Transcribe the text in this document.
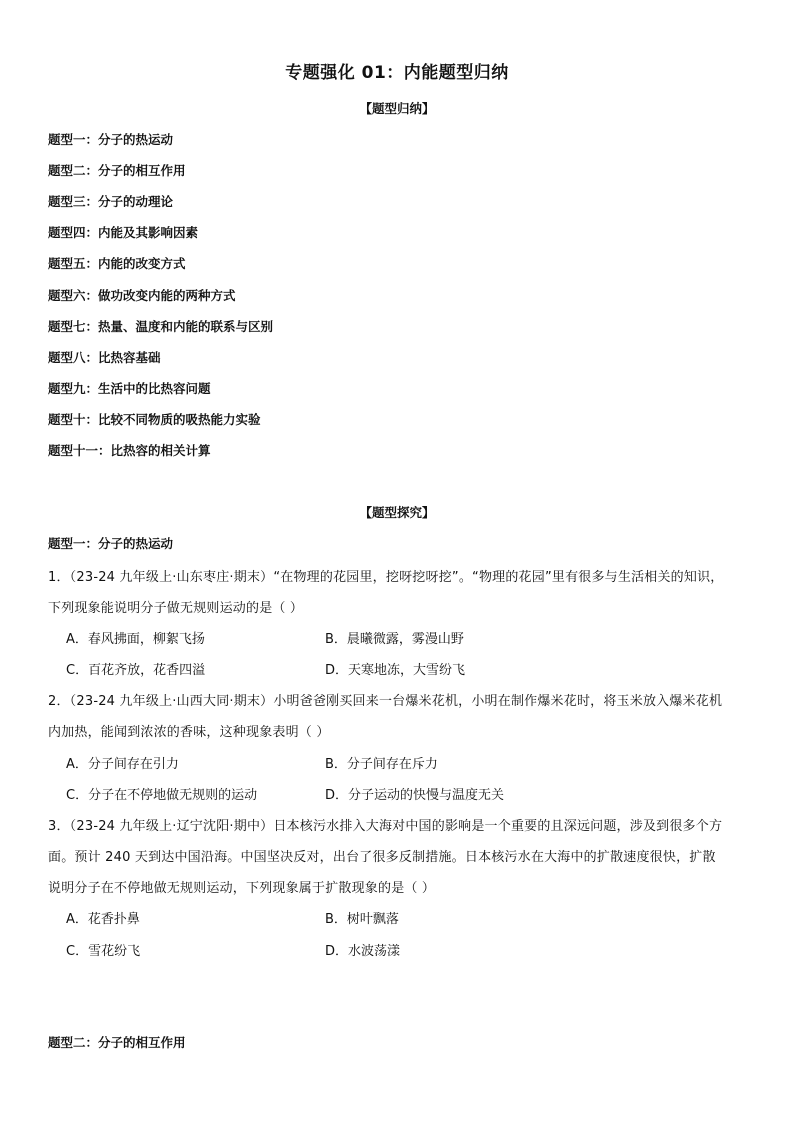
专题强化 01：内能题型归纳
【题型归纳】
题型一：分子的热运动
题型二：分子的相互作用
题型三：分子的动理论
题型四：内能及其影响因素
题型五：内能的改变方式
题型六：做功改变内能的两种方式
题型七：热量、温度和内能的联系与区别
题型八：比热容基础
题型九：生活中的比热容问题
题型十：比较不同物质的吸热能力实验
题型十一：比热容的相关计算
【题型探究】
题型一：分子的热运动
1．（23-24 九年级上·山东枣庄·期末）“在物理的花园里，挖呀挖呀挖”。“物理的花园”里有很多与生活相关的知识，
下列现象能说明分子做无规则运动的是（ ）
A．春风拂面，柳絮飞扬	B．晨曦微露，雾漫山野
C．百花齐放，花香四溢	D．天寒地冻，大雪纷飞
2．（23-24 九年级上·山西大同·期末）小明爸爸刚买回来一台爆米花机，小明在制作爆米花时，将玉米放入爆米花机
内加热，能闻到浓浓的香味，这种现象表明（ ）
A．分子间存在引力	B．分子间存在斥力
C．分子在不停地做无规则的运动	D．分子运动的快慢与温度无关
3．（23-24 九年级上·辽宁沈阳·期中）日本核污水排入大海对中国的影响是一个重要的且深远问题，涉及到很多个方
面。预计 240 天到达中国沿海。中国坚决反对，出台了很多反制措施。日本核污水在大海中的扩散速度很快，扩散
说明分子在不停地做无规则运动，下列现象属于扩散现象的是（ ）
A．花香扑鼻	B．树叶飘落
C．雪花纷飞	D．水波荡漾
题型二：分子的相互作用
